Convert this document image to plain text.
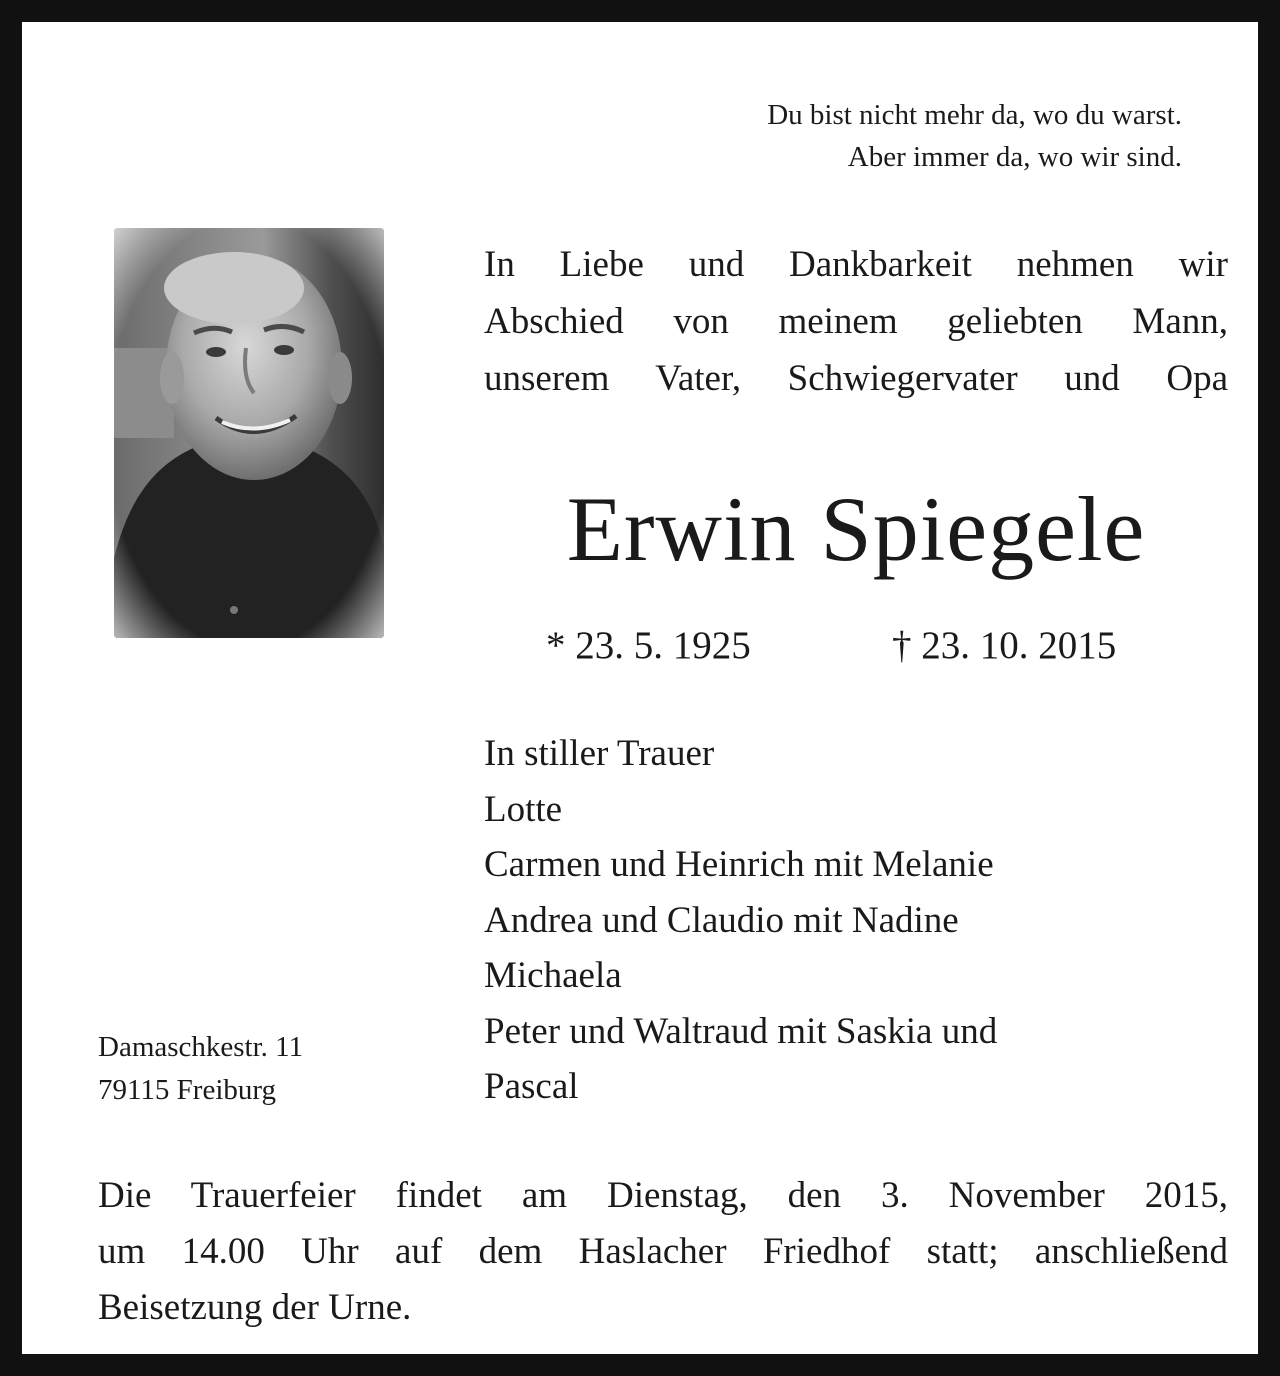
Du bist nicht mehr da, wo du warst.
Aber immer da, wo wir sind.
In Liebe und Dankbarkeit nehmen wir
Abschied von meinem geliebten Mann,
unserem Vater, Schwiegervater und Opa
Erwin Spiegele
* 23. 5. 1925	† 23. 10. 2015
In stiller Trauer
Lotte
Carmen und Heinrich mit Melanie
Andrea und Claudio mit Nadine
Michaela
Peter und Waltraud mit Saskia und
Pascal
Damaschkestr. 11
79115 Freiburg
Die Trauerfeier findet am Dienstag, den 3. November 2015,
um 14.00 Uhr auf dem Haslacher Friedhof statt; anschließend
Beisetzung der Urne.
